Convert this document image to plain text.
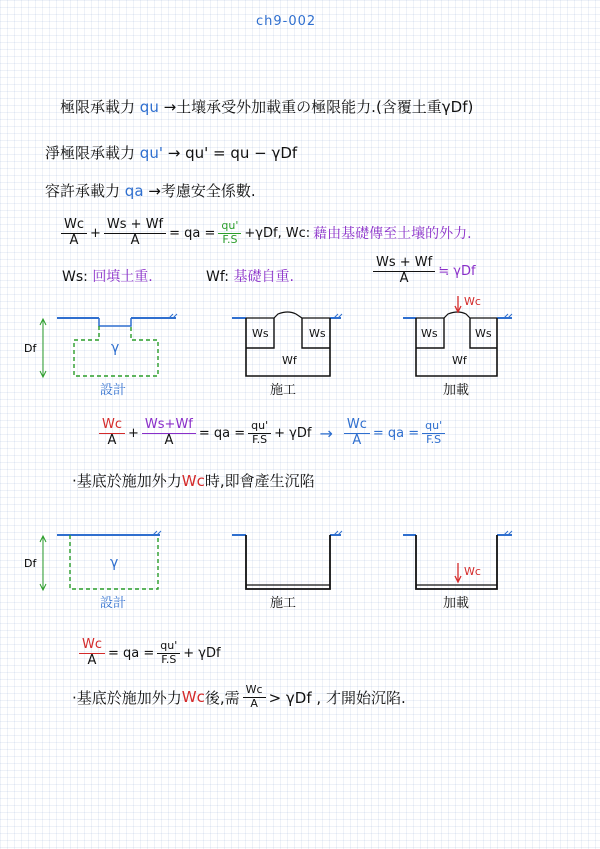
ch9-002
極限承載力 qu →土壤承受外加載重の極限能力.(含覆土重γDf)
淨極限承載力 qu' → qu' = qu − γDf
容許承載力 qa →考慮安全係數.
$\frac{Wc}{A} + \frac{Ws + Wf}{A}$ = qa = $\frac{qu'}{F.S} +\gamma Df$, Wc: 藉由基礎傳至土壤的外力.
Ws: 回填土重.	Wf: 基礎自重.	$\frac{Ws + Wf}{A}$ ≒ γDf
Df	γ
Ws	Ws
Wf
Wc
Ws	Ws
Wf
設計	施工	加載
$\frac{Wc}{A} + \frac{Ws+Wf}{A}$ = qa = $\frac{qu'}{F.S} + \gamma Df \to \frac{Wc}{A}$ = qa = $\frac{qu'}{F.S}$
·基底於施加外力Wc時,即會產生沉陷
Df	γ
Wc
設計	施工	加載
$\frac{Wc}{A}$ = qa = $\frac{qu'}{F.S} + \gamma Df$
·基底於施加外力 Wc 後,需 $\frac{Wc}{A} > \gamma Df$ , 才開始沉陷.
